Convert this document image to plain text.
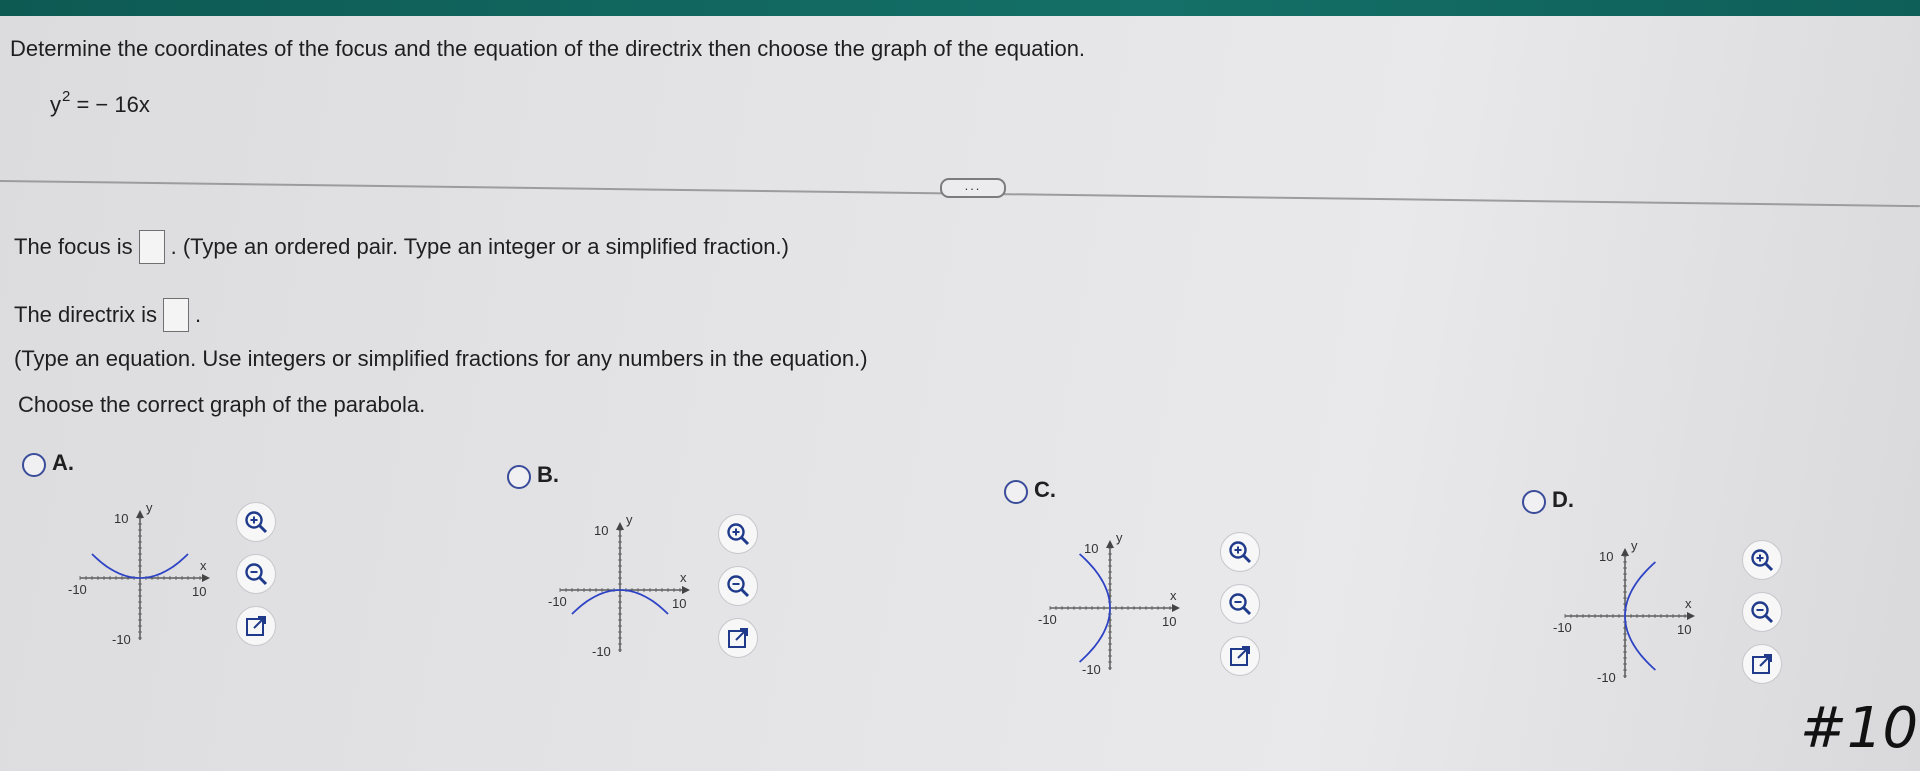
Determine the coordinates of the focus and the equation of the directrix then choose the graph of the equation.
$y^2$ = − 16x
...
The focus is . (Type an ordered pair. Type an integer or a simplified fraction.)
The directrix is .
(Type an equation. Use integers or simplified fractions for any numbers in the equation.)
Choose the correct graph of the parabola.
A.
y
x
10
-10
-10	10
B.
y
x
10
-10
-10	10
C.
y
x
10
-10
-10	10
D.
y
x
10
-10
-10	10
#10
